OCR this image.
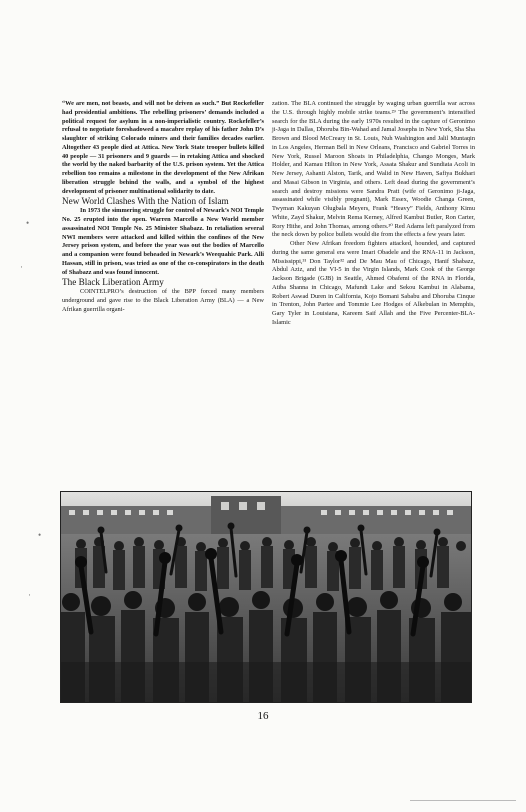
“We are men, not beasts, and will not be driven as such.” But Rockefeller had presidential ambitions. The rebelling prisoners’ demands included a political request for asylum in a non-imperialistic country. Rockefeller’s refusal to negotiate foreshadowed a macabre replay of his father John D’s slaughter of striking Colorado miners and their families decades earlier. Altogether 43 people died at Attica. New York State trooper bullets killed 40 people — 31 prisoners and 9 guards — in retaking Attica and shocked the world by the naked barbarity of the U.S. prison system. Yet the Attica rebellion too remains a milestone in the development of the New Afrikan liberation struggle behind the walls, and a symbol of the highest development of prisoner multinational solidarity to date.

New World Clashes With the Nation of Islam

In 1973 the simmering struggle for control of Newark’s NOI Temple No. 25 erupted into the open. Warren Marcello a New World member assassinated NOI Temple No. 25 Minister Shabazz. In retaliation several NWI members were attacked and killed within the confines of the New Jersey prison system, and before the year was out the bodies of Marcello and a companion were found beheaded in Newark’s Weequahic Park. Alli Hassan, still in prison, was tried as one of the co-conspirators in the death of Shabazz and was found innocent.

The Black Liberation Army

COINTELPRO’s destruction of the BPP forced many members underground and gave rise to the Black Liberation Army (BLA) — a New Afrikan guerrilla organi-

zation. The BLA continued the struggle by waging urban guerrilla war across the U.S. through highly mobile strike teams.²⁹ The government’s intensified search for the BLA during the early 1970s resulted in the capture of Geronimo ji-Jaga in Dallas, Dhoruba Bin-Wahad and Jamal Josephs in New York, Sha Sha Brown and Blood McCreary in St. Louis, Nuh Washington and Jalil Muntaqin in Los Angeles, Herman Bell in New Orleans, Francisco and Gabriel Torres in New York, Russel Maroon Shoats in Philadelphia, Chango Monges, Mark Holder, and Kamau Hilton in New York, Assata Shakur and Sundiata Acoli in New Jersey, Ashanti Alston, Tarik, and Walid in New Haven, Safiya Bukhari and Masai Gibson in Virginia, and others. Left dead during the government’s search and destroy missions were Sandra Pratt (wife of Geronimo ji-Jaga, assassinated while visibly pregnant), Mark Essex, Woodie Changa Green, Twyman Kakuyan Olugbala Meyers, Frank “Heavy” Fields, Anthony Kimu White, Zayd Shakur, Melvin Rema Kerney, Alfred Kambui Butler, Ron Carter, Rory Hithe, and John Thomas, among others.³⁰ Red Adams left paralyzed from the neck down by police bullets would die from the effects a few years later.

Other New Afrikan freedom fighters attacked, hounded, and captured during the same general era were Imari Obadele and the RNA-11 in Jackson, Mississippi,³¹ Don Taylor³² and De Mau Mau of Chicago, Hanif Shabazz, Abdul Aziz, and the VI-5 in the Virgin Islands, Mark Cook of the George Jackson Brigade (GJB) in Seattle, Ahmed Obafemi of the RNA in Florida, Atiba Shanna in Chicago, Mafundi Lake and Sekou Kambui in Alabama, Robert Aswad Duren in California, Kojo Bomani Sababu and Dhoruba Cinque in Trenton, John Partee and Tommie Lee Hodges of Alkebulan in Memphis, Gary Tyler in Louisiana, Kareem Saif Allah and the Five Percenter-BLA-Islamic

16
•
·
•
·
